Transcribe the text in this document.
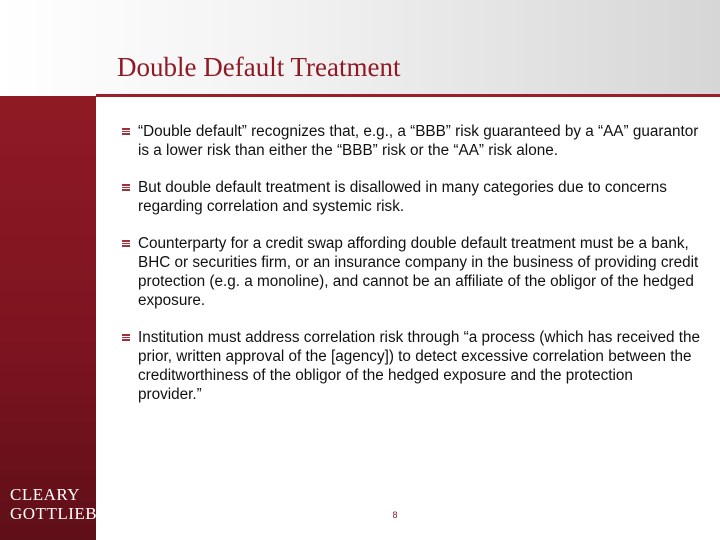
Double Default Treatment
“Double default” recognizes that, e.g., a “BBB” risk guaranteed by a “AA” guarantor is a lower risk than either the “BBB” risk or the “AA” risk alone.
But double default treatment is disallowed in many categories due to concerns regarding correlation and systemic risk.
Counterparty for a credit swap affording double default treatment must be a bank, BHC or securities firm, or an insurance company in the business of providing credit protection (e.g. a monoline), and cannot be an affiliate of the obligor of the hedged exposure.
Institution must address correlation risk through “a process (which has received the prior, written approval of the [agency]) to detect excessive correlation between the creditworthiness of the obligor of the hedged exposure and the protection provider.”
CLEARY
GOTTLIEB	8
